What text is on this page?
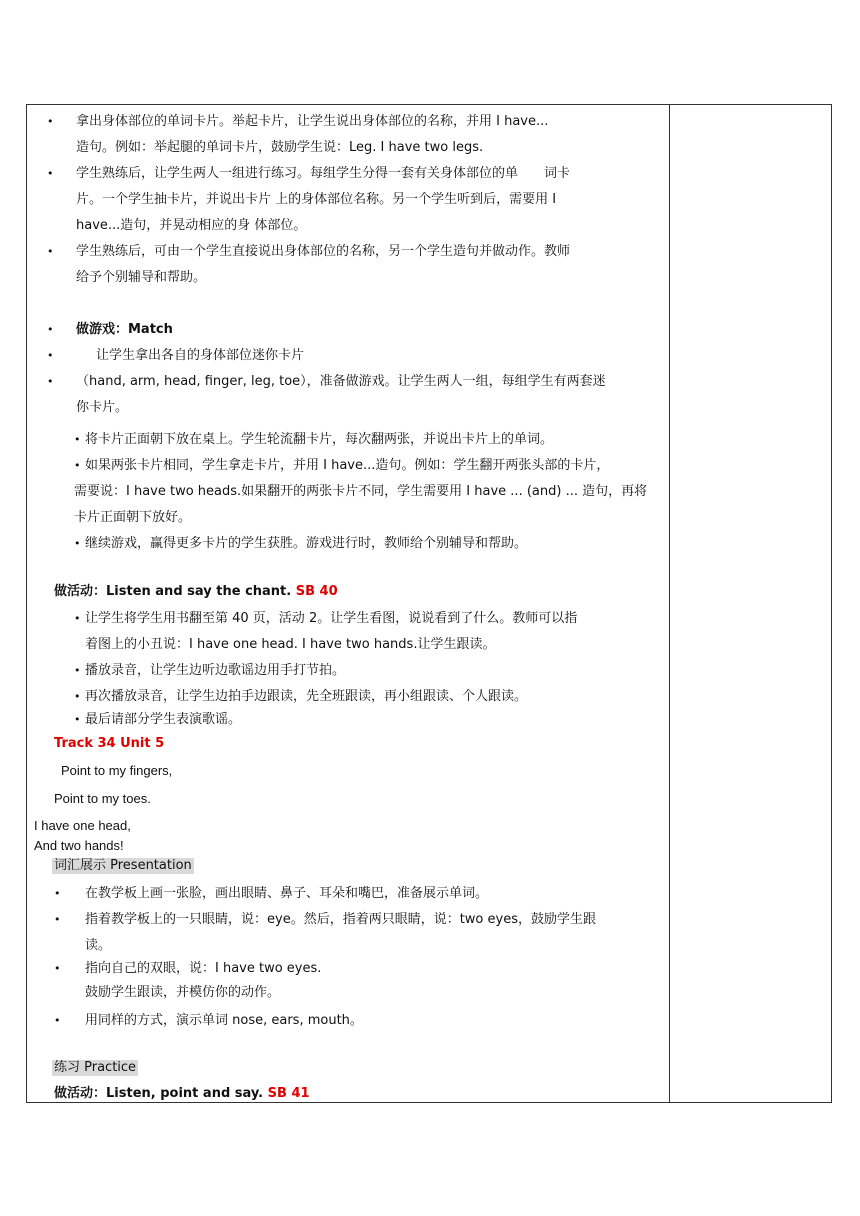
• 拿出身体部位的单词卡片。举起卡片，让学生说出身体部位的名称，并用 I have...
造句。例如：举起腿的单词卡片，鼓励学生说：Leg. I have two legs.
• 学生熟练后，让学生两人一组进行练习。每组学生分得一套有关身体部位的单　　词卡
片。一个学生抽卡片，并说出卡片 上的身体部位名称。另一个学生听到后，需要用 I
have...造句，并晃动相应的身 体部位。
• 学生熟练后，可由一个学生直接说出身体部位的名称，另一个学生造句并做动作。教师
给予个别辅导和帮助。
• 做游戏：Match
•	让学生拿出各自的身体部位迷你卡片
• （hand, arm, head, finger, leg, toe），准备做游戏。让学生两人一组，每组学生有两套迷
你卡片。
• 将卡片正面朝下放在桌上。学生轮流翻卡片，每次翻两张，并说出卡片上的单词。
• 如果两张卡片相同，学生拿走卡片，并用 I have...造句。例如：学生翻开两张头部的卡片，
需要说：I have two heads.如果翻开的两张卡片不同，学生需要用 I have ... (and) ... 造句，再将
卡片正面朝下放好。
• 继续游戏，赢得更多卡片的学生获胜。游戏进行时，教师给个别辅导和帮助。
做活动：Listen and say the chant. SB 40
• 让学生将学生用书翻至第 40 页，活动 2。让学生看图，说说看到了什么。教师可以指
着图上的小丑说：I have one head. I have two hands.让学生跟读。
• 播放录音，让学生边听边歌谣边用手打节拍。
• 再次播放录音，让学生边拍手边跟读，先全班跟读，再小组跟读、个人跟读。
• 最后请部分学生表演歌谣。
Track 34 Unit 5
Point to my fingers,
Point to my toes.
I have one head,
And two hands!
词汇展示 Presentation
• 在教学板上画一张脸，画出眼睛、鼻子、耳朵和嘴巴，准备展示单词。
• 指着教学板上的一只眼睛，说：eye。然后，指着两只眼睛，说：two eyes，鼓励学生跟
读。
• 指向自己的双眼，说：I have two eyes.
鼓励学生跟读，并模仿你的动作。
• 用同样的方式，演示单词 nose, ears, mouth。
练习 Practice
做活动：Listen, point and say. SB 41
